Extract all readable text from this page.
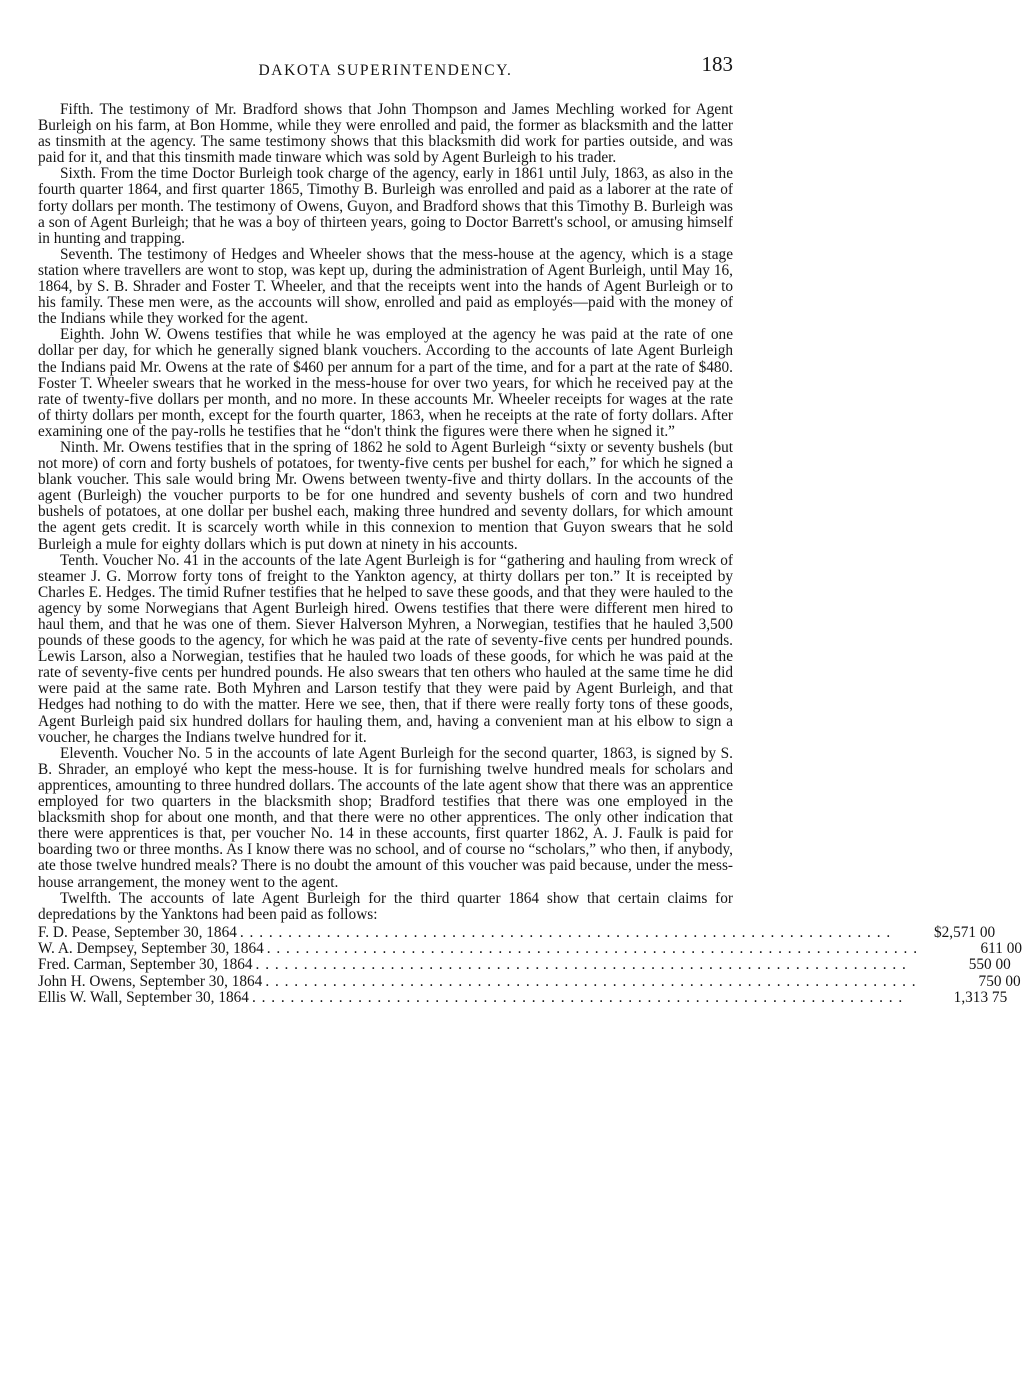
DAKOTA SUPERINTENDENCY.	183

Fifth. The testimony of Mr. Bradford shows that John Thompson and James Mechling worked for Agent Burleigh on his farm, at Bon Homme, while they were enrolled and paid, the former as blacksmith and the latter as tinsmith at the agency. The same testimony shows that this blacksmith did work for parties outside, and was paid for it, and that this tinsmith made tinware which was sold by Agent Burleigh to his trader.

Sixth. From the time Doctor Burleigh took charge of the agency, early in 1861 until July, 1863, as also in the fourth quarter 1864, and first quarter 1865, Timothy B. Burleigh was enrolled and paid as a laborer at the rate of forty dollars per month. The testimony of Owens, Guyon, and Bradford shows that this Timothy B. Burleigh was a son of Agent Burleigh; that he was a boy of thirteen years, going to Doctor Barrett's school, or amusing himself in hunting and trapping.

Seventh. The testimony of Hedges and Wheeler shows that the mess-house at the agency, which is a stage station where travellers are wont to stop, was kept up, during the administration of Agent Burleigh, until May 16, 1864, by S. B. Shrader and Foster T. Wheeler, and that the receipts went into the hands of Agent Burleigh or to his family. These men were, as the accounts will show, enrolled and paid as employés—paid with the money of the Indians while they worked for the agent.

Eighth. John W. Owens testifies that while he was employed at the agency he was paid at the rate of one dollar per day, for which he generally signed blank vouchers. According to the accounts of late Agent Burleigh the Indians paid Mr. Owens at the rate of $460 per annum for a part of the time, and for a part at the rate of $480. Foster T. Wheeler swears that he worked in the mess-house for over two years, for which he received pay at the rate of twenty-five dollars per month, and no more. In these accounts Mr. Wheeler receipts for wages at the rate of thirty dollars per month, except for the fourth quarter, 1863, when he receipts at the rate of forty dollars. After examining one of the pay-rolls he testifies that he “don't think the figures were there when he signed it.”

Ninth. Mr. Owens testifies that in the spring of 1862 he sold to Agent Burleigh “sixty or seventy bushels (but not more) of corn and forty bushels of potatoes, for twenty-five cents per bushel for each,” for which he signed a blank voucher. This sale would bring Mr. Owens between twenty-five and thirty dollars. In the accounts of the agent (Burleigh) the voucher purports to be for one hundred and seventy bushels of corn and two hundred bushels of potatoes, at one dollar per bushel each, making three hundred and seventy dollars, for which amount the agent gets credit. It is scarcely worth while in this connexion to mention that Guyon swears that he sold Burleigh a mule for eighty dollars which is put down at ninety in his accounts.

Tenth. Voucher No. 41 in the accounts of the late Agent Burleigh is for “gathering and hauling from wreck of steamer J. G. Morrow forty tons of freight to the Yankton agency, at thirty dollars per ton.” It is receipted by Charles E. Hedges. The timid Rufner testifies that he helped to save these goods, and that they were hauled to the agency by some Norwegians that Agent Burleigh hired. Owens testifies that there were different men hired to haul them, and that he was one of them. Siever Halverson Myhren, a Norwegian, testifies that he hauled 3,500 pounds of these goods to the agency, for which he was paid at the rate of seventy-five cents per hundred pounds. Lewis Larson, also a Norwegian, testifies that he hauled two loads of these goods, for which he was paid at the rate of seventy-five cents per hundred pounds. He also swears that ten others who hauled at the same time he did were paid at the same rate. Both Myhren and Larson testify that they were paid by Agent Burleigh, and that Hedges had nothing to do with the matter. Here we see, then, that if there were really forty tons of these goods, Agent Burleigh paid six hundred dollars for hauling them, and, having a convenient man at his elbow to sign a voucher, he charges the Indians twelve hundred for it.

Eleventh. Voucher No. 5 in the accounts of late Agent Burleigh for the second quarter, 1863, is signed by S. B. Shrader, an employé who kept the mess-house. It is for furnishing twelve hundred meals for scholars and apprentices, amounting to three hundred dollars. The accounts of the late agent show that there was an apprentice employed for two quarters in the blacksmith shop; Bradford testifies that there was one employed in the blacksmith shop for about one month, and that there were no other apprentices. The only other indication that there were apprentices is that, per voucher No. 14 in these accounts, first quarter 1862, A. J. Faulk is paid for boarding two or three months. As I know there was no school, and of course no “scholars,” who then, if anybody, ate those twelve hundred meals? There is no doubt the amount of this voucher was paid because, under the mess-house arrangement, the money went to the agent.

Twelfth. The accounts of late Agent Burleigh for the third quarter 1864 show that certain claims for depredations by the Yanktons had been paid as follows:

F. D. Pease, September 30, 1864 . . . . . . . . . . . . . . . . . . . . . . . . . . . . . . . . . . . . . . . . . . . . . . . . . . . . . . . . . . . . . . . . . . . .	$2,571 00
W. A. Dempsey, September 30, 1864 . . . . . . . . . . . . . . . . . . . . . . . . . . . . . . . . . . . . . . . . . . . . . . . . . . . . . . . . . . . . . . . . . . . .	611 00
Fred. Carman, September 30, 1864 . . . . . . . . . . . . . . . . . . . . . . . . . . . . . . . . . . . . . . . . . . . . . . . . . . . . . . . . . . . . . . . . . . . .	550 00
John H. Owens, September 30, 1864 . . . . . . . . . . . . . . . . . . . . . . . . . . . . . . . . . . . . . . . . . . . . . . . . . . . . . . . . . . . . . . . . . . . .	750 00
Ellis W. Wall, September 30, 1864 . . . . . . . . . . . . . . . . . . . . . . . . . . . . . . . . . . . . . . . . . . . . . . . . . . . . . . . . . . . . . . . . . . . .	1,313 75
